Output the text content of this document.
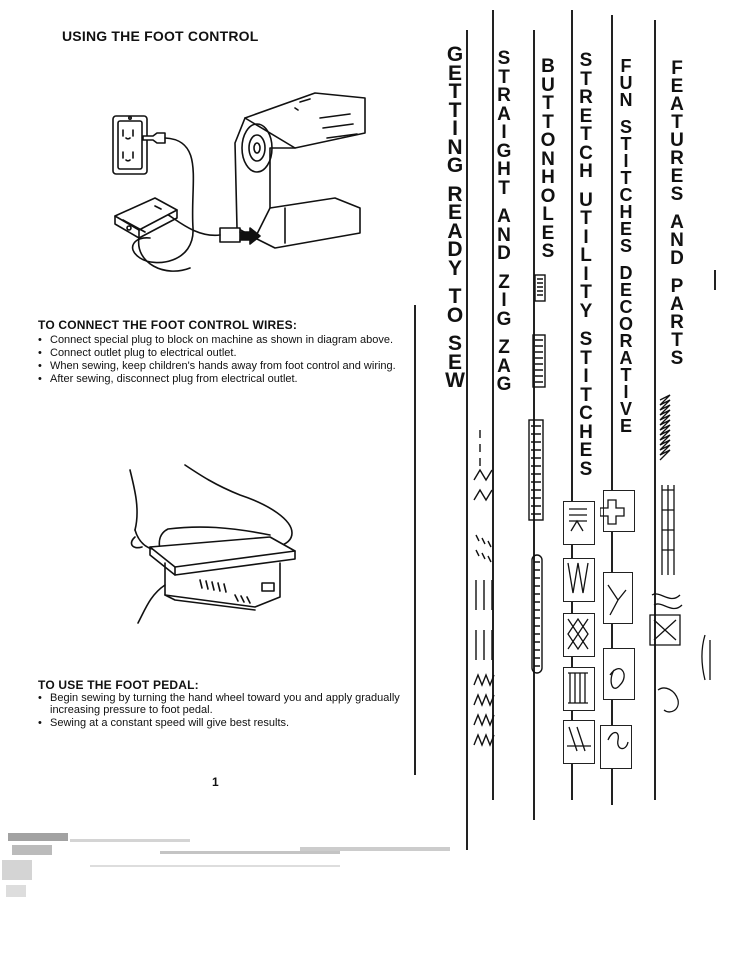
USING THE FOOT CONTROL
TO CONNECT THE FOOT CONTROL WIRES:
• Connect special plug to block on machine as shown in diagram above.
• Connect outlet plug to electrical outlet.
• When sewing, keep children's hands away from foot control and wiring.
• After sewing, disconnect plug from electrical outlet.
TO USE THE FOOT PEDAL:
• Begin sewing by turning the hand wheel toward you and apply gradually increasing pressure to foot pedal.
• Sewing at a constant speed will give best results.
1
G
E
T
T
I
N
G

R
E
A
D
Y

T
O

S
E
W
S
T
R
A
I
G
H
T

A
N
D

Z
I
G

Z
A
G
B
U
T
T
O
N
H
O
L
E
S
S
T
R
E
T
C
H

U
T
I
L
I
T
Y

S
T
I
T
C
H
E
S
F
U
N

S
T
I
T
C
H
E
S

D
E
C
O
R
A
T
I
V
E
F
E
A
T
U
R
E
S

A
N
D

P
A
R
T
S
